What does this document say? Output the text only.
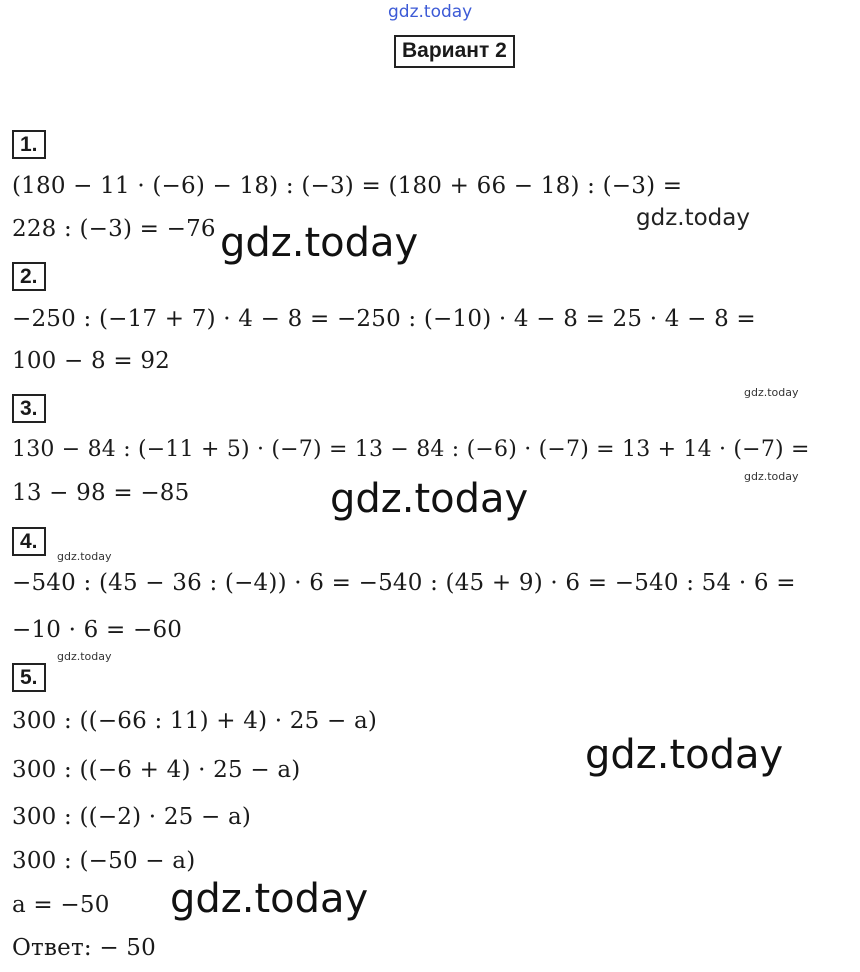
gdz.today
Вариант 2
1.
(180 − 11 · (−6) − 18) : (−3) = (180 + 66 − 18) : (−3) =
228 : (−3) = −76
2.
−250 : (−17 + 7) · 4 − 8 = −250 : (−10) · 4 − 8 = 25 · 4 − 8 =
100 − 8 = 92
3.
130 − 84 : (−11 + 5) · (−7) = 13 − 84 : (−6) · (−7) = 13 + 14 · (−7) =
13 − 98 = −85
4.
−540 : (45 − 36 : (−4)) · 6 = −540 : (45 + 9) · 6 = −540 : 54 · 6 =
−10 · 6 = −60
5.
300 : ((−66 : 11) + 4) · 25 − a)
300 : ((−6 + 4) · 25 − a)
300 : ((−2) · 25 − a)
300 : (−50 − a)
a = −50
Ответ: − 50
gdz.today
gdz.today
gdz.today
gdz.today
gdz.today
gdz.today
gdz.today
gdz.today
gdz.today
